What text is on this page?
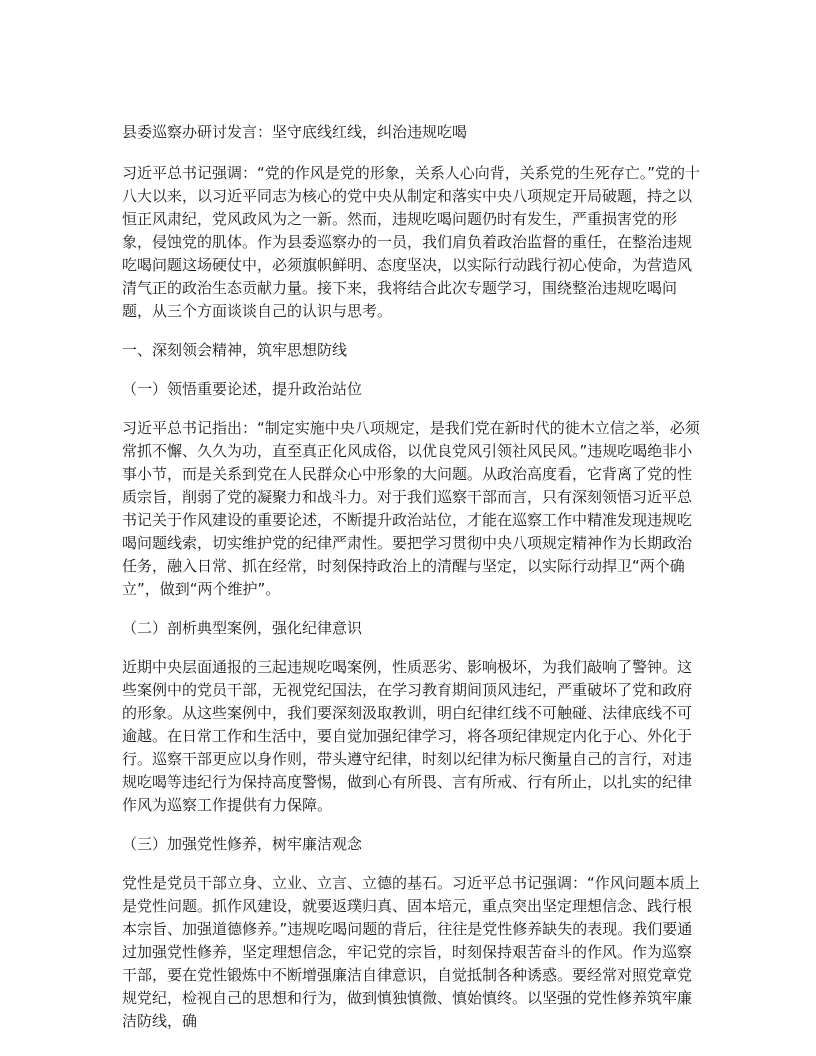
县委巡察办研讨发言：坚守底线红线，纠治违规吃喝

习近平总书记强调：“党的作风是党的形象，关系人心向背，关系党的生死存亡。”党的十八大以来，以习近平同志为核心的党中央从制定和落实中央八项规定开局破题，持之以恒正风肃纪，党风政风为之一新。然而，违规吃喝问题仍时有发生，严重损害党的形象，侵蚀党的肌体。作为县委巡察办的一员，我们肩负着政治监督的重任，在整治违规吃喝问题这场硬仗中，必须旗帜鲜明、态度坚决，以实际行动践行初心使命，为营造风清气正的政治生态贡献力量。接下来，我将结合此次专题学习，围绕整治违规吃喝问题，从三个方面谈谈自己的认识与思考。

一、深刻领会精神，筑牢思想防线

（一）领悟重要论述，提升政治站位

习近平总书记指出：“制定实施中央八项规定，是我们党在新时代的徙木立信之举，必须常抓不懈、久久为功，直至真正化风成俗，以优良党风引领社风民风。”违规吃喝绝非小事小节，而是关系到党在人民群众心中形象的大问题。从政治高度看，它背离了党的性质宗旨，削弱了党的凝聚力和战斗力。对于我们巡察干部而言，只有深刻领悟习近平总书记关于作风建设的重要论述，不断提升政治站位，才能在巡察工作中精准发现违规吃喝问题线索，切实维护党的纪律严肃性。要把学习贯彻中央八项规定精神作为长期政治任务，融入日常、抓在经常，时刻保持政治上的清醒与坚定，以实际行动捍卫“两个确立”，做到“两个维护”。

（二）剖析典型案例，强化纪律意识

近期中央层面通报的三起违规吃喝案例，性质恶劣、影响极坏，为我们敲响了警钟。这些案例中的党员干部，无视党纪国法，在学习教育期间顶风违纪，严重破坏了党和政府的形象。从这些案例中，我们要深刻汲取教训，明白纪律红线不可触碰、法律底线不可逾越。在日常工作和生活中，要自觉加强纪律学习，将各项纪律规定内化于心、外化于行。巡察干部更应以身作则，带头遵守纪律，时刻以纪律为标尺衡量自己的言行，对违规吃喝等违纪行为保持高度警惕，做到心有所畏、言有所戒、行有所止，以扎实的纪律作风为巡察工作提供有力保障。

（三）加强党性修养，树牢廉洁观念

党性是党员干部立身、立业、立言、立德的基石。习近平总书记强调：“作风问题本质上是党性问题。抓作风建设，就要返璞归真、固本培元，重点突出坚定理想信念、践行根本宗旨、加强道德修养。”违规吃喝问题的背后，往往是党性修养缺失的表现。我们要通过加强党性修养，坚定理想信念，牢记党的宗旨，时刻保持艰苦奋斗的作风。作为巡察干部，要在党性锻炼中不断增强廉洁自律意识，自觉抵制各种诱惑。要经常对照党章党规党纪，检视自己的思想和行为，做到慎独慎微、慎始慎终。以坚强的党性修养筑牢廉洁防线，确
